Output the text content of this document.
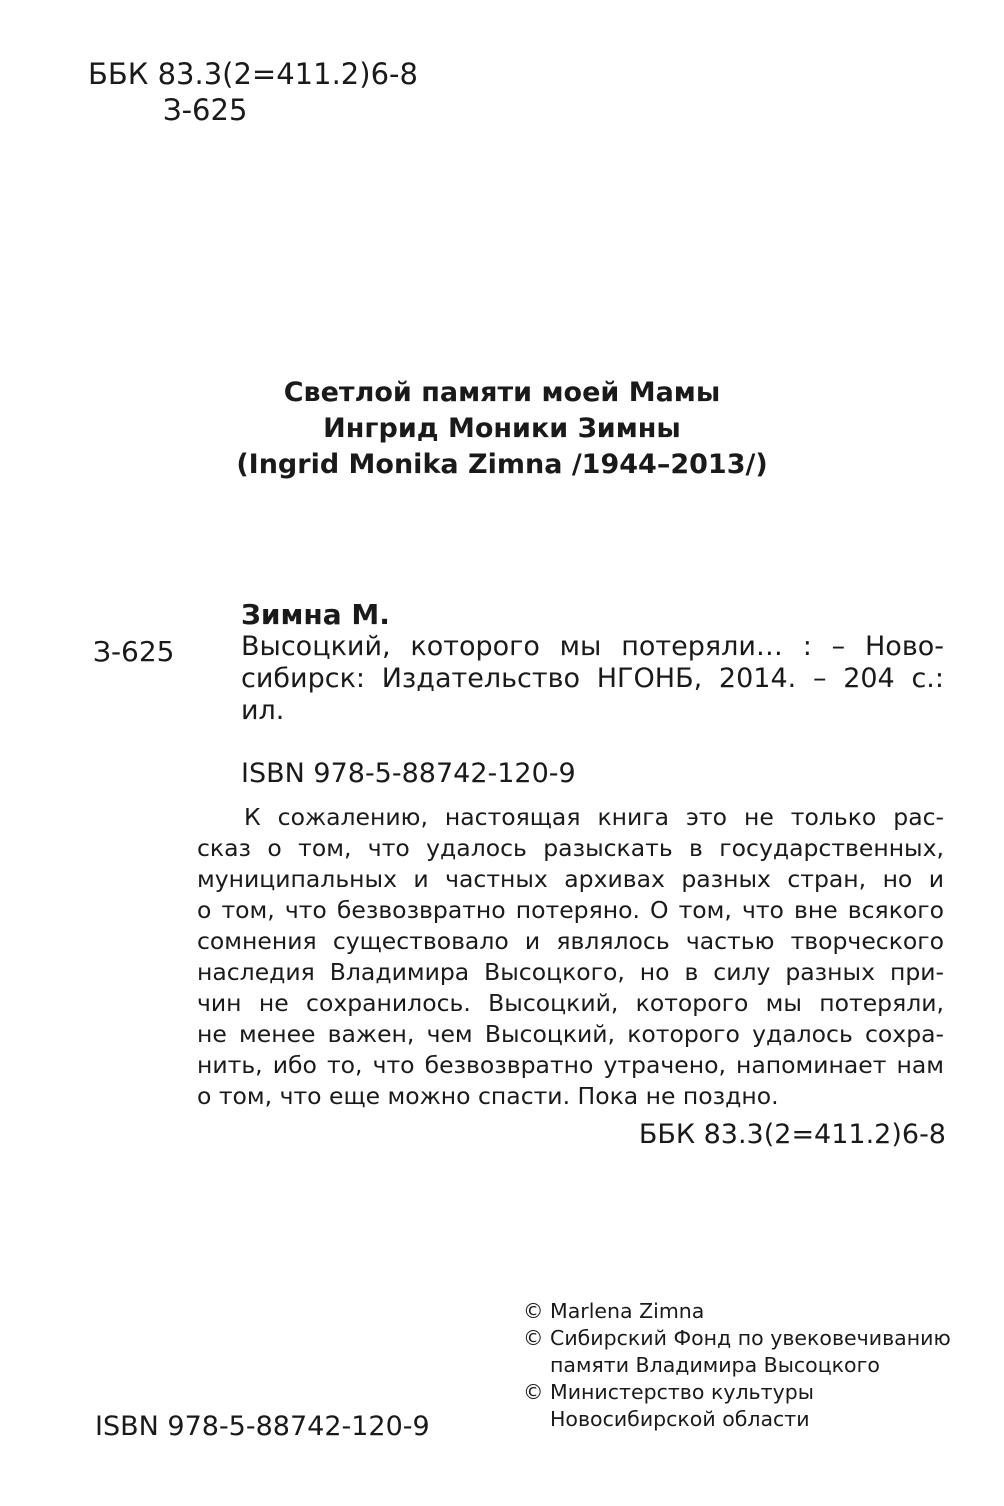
ББК 83.3(2=411.2)6-8
З-625
Светлой памяти моей Мамы
Ингрид Моники Зимны
(Ingrid Monika Zimna /1944–2013/)
Зимна М.
З-625 Высоцкий, которого мы потеряли… : – Ново-
сибирск: Издательство НГОНБ, 2014. – 204 с.:
ил.
ISBN 978-5-88742-120-9
К сожалению, настоящая книга это не только рас-
сказ о том, что удалось разыскать в государственных,
муниципальных и частных архивах разных стран, но и
о том, что безвозвратно потеряно. О том, что вне всякого
сомнения существовало и являлось частью творческого
наследия Владимира Высоцкого, но в силу разных при-
чин не сохранилось. Высоцкий, которого мы потеряли,
не менее важен, чем Высоцкий, которого удалось сохра-
нить, ибо то, что безвозвратно утрачено, напоминает нам
о том, что еще можно спасти. Пока не поздно.
ББК 83.3(2=411.2)6-8
© Marlena Zimna
© Сибирский Фонд по увековечиванию
памяти Владимира Высоцкого
© Министерство культуры
Новосибирской области
ISBN 978-5-88742-120-9
